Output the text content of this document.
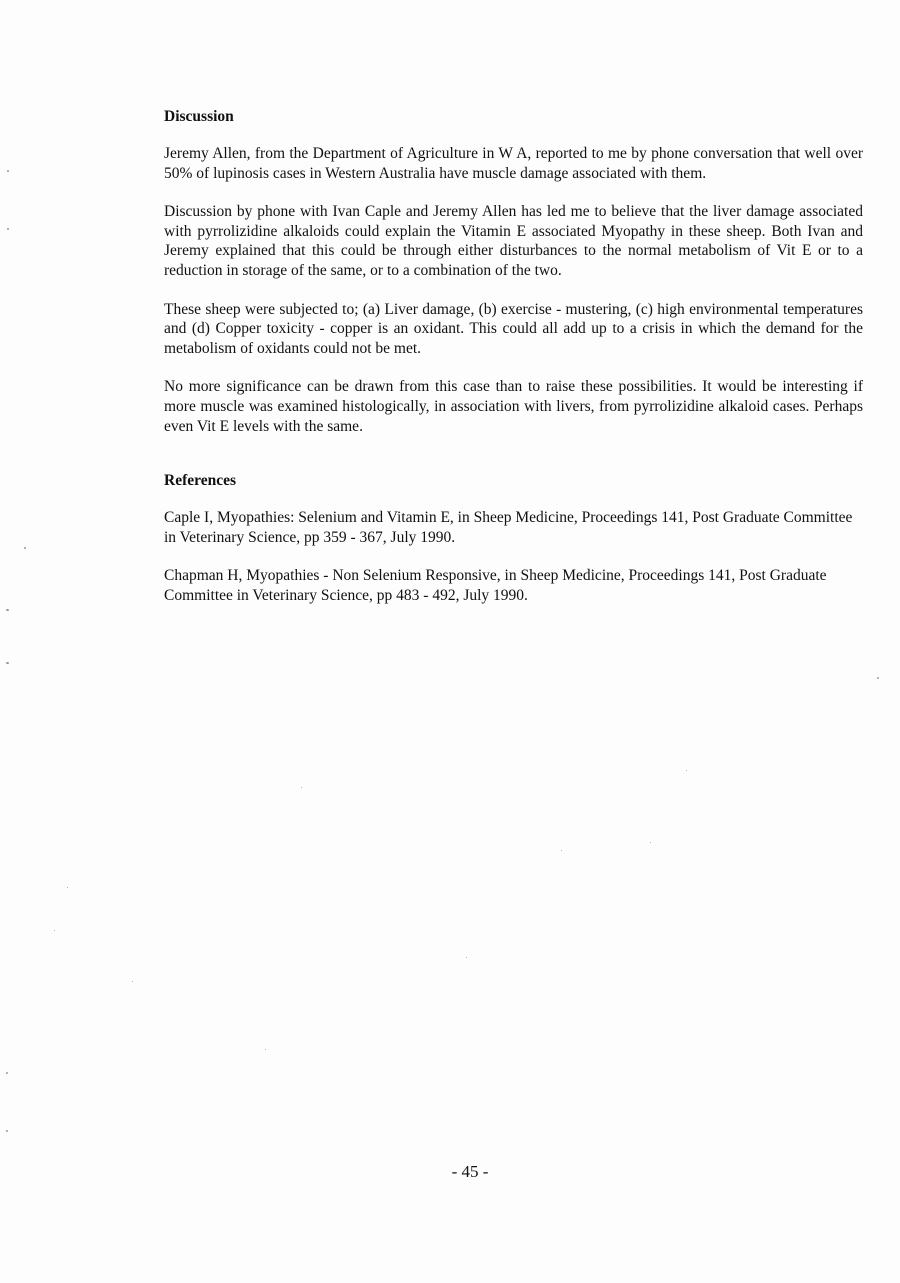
Discussion

Jeremy Allen, from the Department of Agriculture in W A, reported to me by phone conversation that well over 50% of lupinosis cases in Western Australia have muscle damage associated with them.

Discussion by phone with Ivan Caple and Jeremy Allen has led me to believe that the liver damage associated with pyrrolizidine alkaloids could explain the Vitamin E associated Myopathy in these sheep. Both Ivan and Jeremy explained that this could be through either disturbances to the normal metabolism of Vit E or to a reduction in storage of the same, or to a combination of the two.

These sheep were subjected to; (a) Liver damage, (b) exercise - mustering, (c) high environmental temperatures and (d) Copper toxicity - copper is an oxidant. This could all add up to a crisis in which the demand for the    metabolism of oxidants could not be met.

No more significance can be drawn from this case than to raise these possibilities. It would be interesting if more muscle was examined histologically, in association with livers, from pyrrolizidine alkaloid cases. Perhaps even Vit E levels with the same.

References

Caple I, Myopathies: Selenium and Vitamin E, in Sheep Medicine, Proceedings 141, Post Graduate Committee in Veterinary Science, pp 359 - 367, July 1990.

Chapman H, Myopathies - Non Selenium Responsive, in Sheep Medicine, Proceedings 141, Post Graduate Committee in Veterinary Science, pp 483 - 492, July 1990.

- 45 -
